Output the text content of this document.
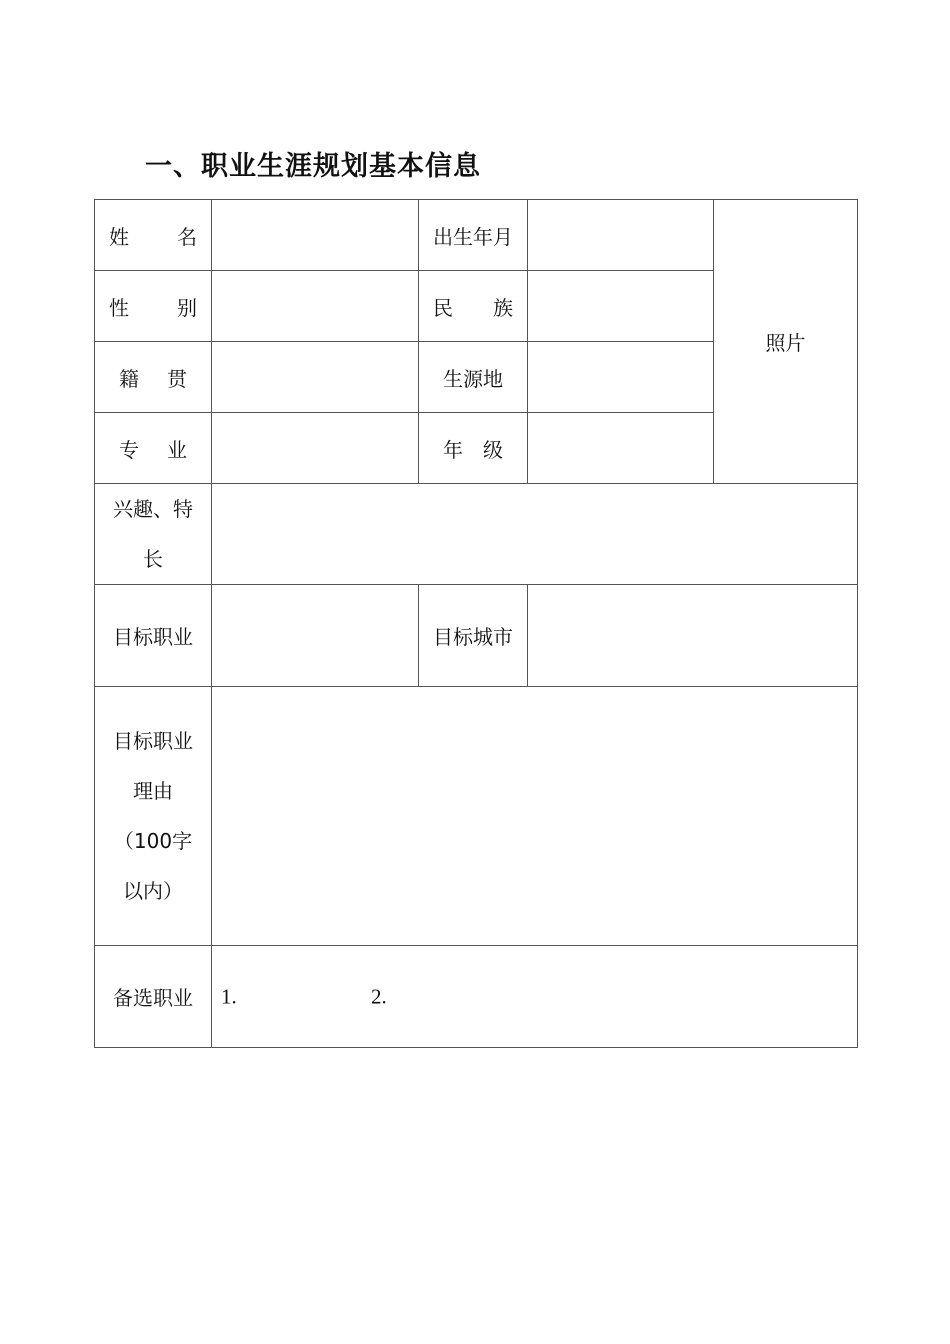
一、职业生涯规划基本信息
姓 名		出生年月		照片

性 别		民 族		

籍 贯		生源地		

专 业		年 级		

兴趣、特
长				

目标职业		目标城市		

目标职业
理由
（100字
以内）				

备选职业	1. 2.			
